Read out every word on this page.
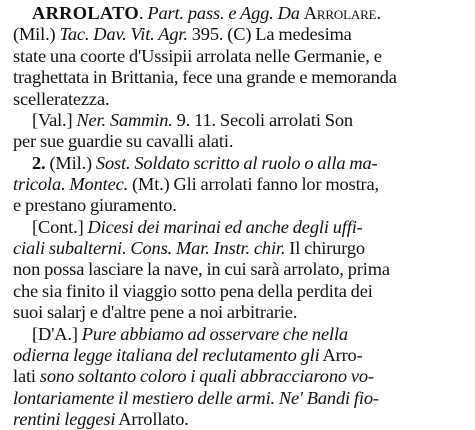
ARROLATO. Part. pass. e Agg. Da Arrolare.
(Mil.) Tac. Dav. Vit. Agr. 395. (C) La medesima
state una coorte d'Ussipii arrolata nelle Germanie, e
traghettata in Brittania, fece una grande e memoranda
scelleratezza.
[Val.] Ner. Sammin. 9. 11. Secoli arrolati Son
per sue guardie su cavalli alati.
2. (Mil.) Sost. Soldato scritto al ruolo o alla ma-
tricola. Montec. (Mt.) Gli arrolati fanno lor mostra,
e prestano giuramento.
[Cont.] Dicesi dei marinai ed anche degli uffi-
ciali subalterni. Cons. Mar. Instr. chir. Il chirurgo
non possa lasciare la nave, in cui sarà arrolato, prima
che sia finito il viaggio sotto pena della perdita dei
suoi salarj e d'altre pene a noi arbitrarie.
[D'A.] Pure abbiamo ad osservare che nella
odierna legge italiana del reclutamento gli Arro-
lati sono soltanto coloro i quali abbracciarono vo-
lontariamente il mestiero delle armi. Ne' Bandi fio-
rentini leggesi Arrollato.
